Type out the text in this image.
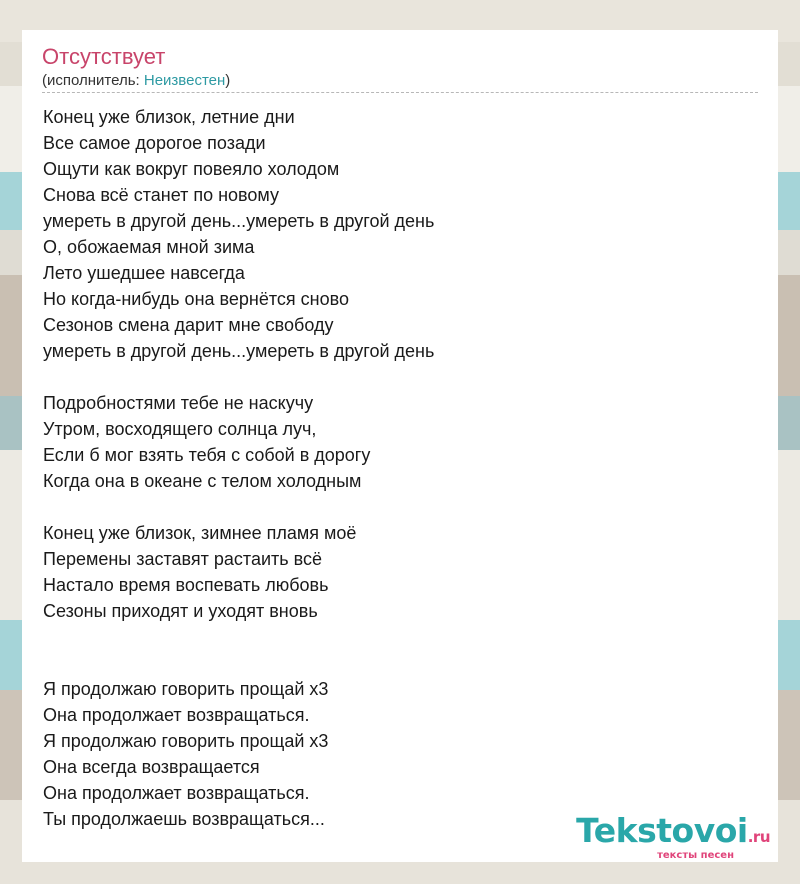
Отсутствует
(исполнитель: Неизвестен)
Конец уже близок, летние дни
Все самое дорогое позади
Ощути как вокруг повеяло холодом
Снова всё станет по новому
умереть в другой день...умереть в другой день
О, обожаемая мной зима
Лето ушедшее навсегда
Но когда-нибудь она вернётся сново
Сезонов смена дарит мне свободу
умереть в другой день...умереть в другой день
Подробностями тебе не наскучу
Утром, восходящего солнца луч,
Если б мог взять тебя с собой в дорогу
Когда она в океане с телом холодным
Конец уже близок, зимнее пламя моё
Перемены заставят растаить всё
Настало время воспевать любовь
Сезоны приходят и уходят вновь
Я продолжаю говорить прощай х3
Она продолжает возвращаться.
Я продолжаю говорить прощай х3
Она всегда возвращается
Она продолжает возвращаться.
Ты продолжаешь возвращаться...	Tekstovoi.ru
тексты песен
